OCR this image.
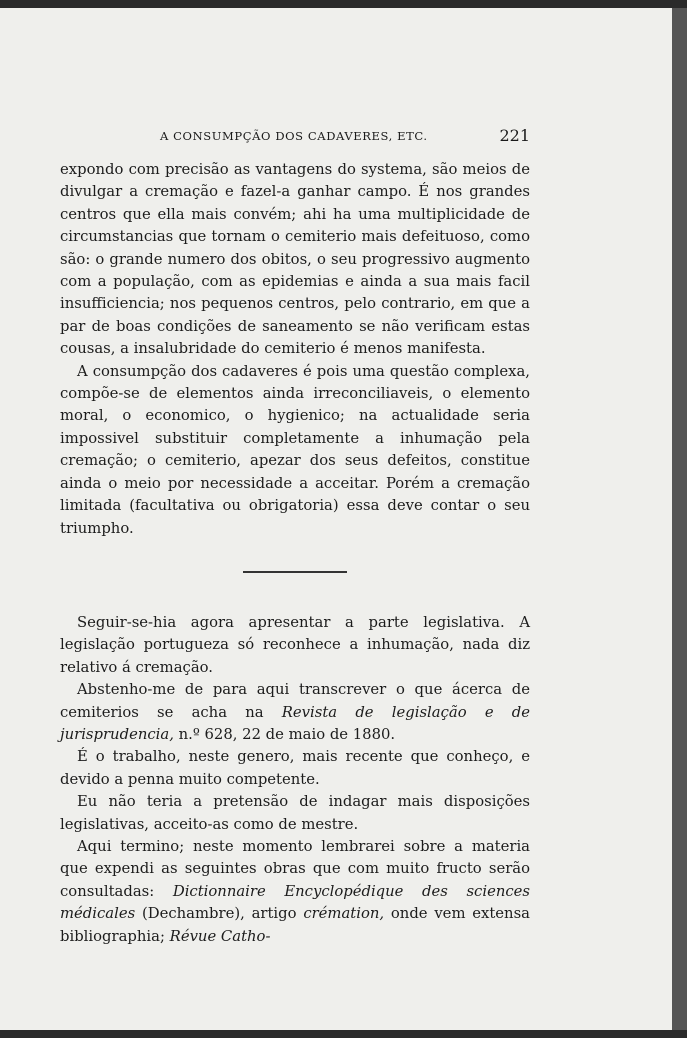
A CONSUMPÇÃO DOS CADAVERES, ETC.	221

expondo com precisão as vantagens do systema, são meios de divulgar a cremação e fazel-a ganhar campo. É nos grandes centros que ella mais convém; ahi ha uma multiplicidade de circumstancias que tornam o cemiterio mais defeituoso, como são: o grande numero dos obitos, o seu progressivo augmento com a população, com as epidemias e ainda a sua mais facil insufficiencia; nos pequenos centros, pelo contrario, em que a par de boas condições de saneamento se não verificam estas cousas, a insalubridade do cemiterio é menos manifesta.

A consumpção dos cadaveres é pois uma questão complexa, compõe-se de elementos ainda irreconciliaveis, o elemento moral, o economico, o hygienico; na actualidade seria impossivel substituir completamente a inhumação pela cremação; o cemiterio, apezar dos seus defeitos, constitue ainda o meio por necessidade a acceitar. Porém a cremação limitada (facultativa ou obrigatoria) essa deve contar o seu triumpho.

Seguir-se-hia agora apresentar a parte legislativa. A legislação portugueza só reconhece a inhumação, nada diz relativo á cremação.

Abstenho-me de para aqui transcrever o que ácerca de cemiterios se acha na Revista de legislação e de jurisprudencia, n.º 628, 22 de maio de 1880.

É o trabalho, neste genero, mais recente que conheço, e devido a penna muito competente.

Eu não teria a pretensão de indagar mais disposições legislativas, acceito-as como de mestre.

Aqui termino; neste momento lembrarei sobre a materia que expendi as seguintes obras que com muito fructo serão consultadas: Dictionnaire Encyclopédique des sciences médicales (Dechambre), artigo crémation, onde vem extensa bibliographia; Révue Catho-
